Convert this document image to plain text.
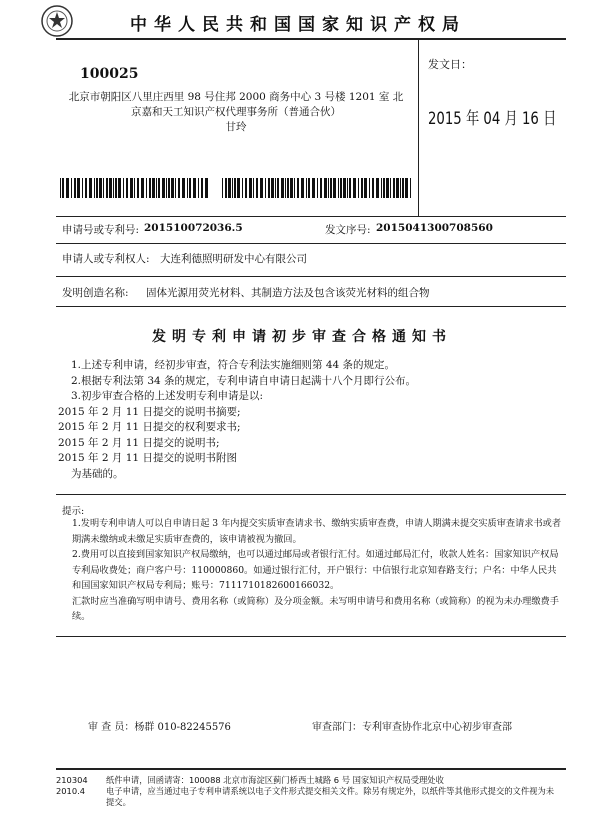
中华人民共和国国家知识产权局
100025
北京市朝阳区八里庄西里 98 号住邦 2000 商务中心 3 号楼 1201 室 北
京嘉和天工知识产权代理事务所（普通合伙）
甘玲
发文日：
2015 年 04 月 16 日
申请号或专利号: 201510072036.5	发文序号: 2015041300708560
申请人或专利权人: 大连利德照明研发中心有限公司
发明创造名称: 固体光源用荧光材料、其制造方法及包含该荧光材料的组合物
发明专利申请初步审查合格通知书
1.上述专利申请，经初步审查，符合专利法实施细则第 44 条的规定。
2.根据专利法第 34 条的规定，专利申请自申请日起满十八个月即行公布。
3.初步审查合格的上述发明专利申请是以:
2015 年 2 月 11 日提交的说明书摘要;
2015 年 2 月 11 日提交的权利要求书;
2015 年 2 月 11 日提交的说明书;
2015 年 2 月 11 日提交的说明书附图
为基础的。
提示:

1.发明专利申请人可以自申请日起 3 年内提交实质审查请求书、缴纳实质审查费，申请人期满未提交实质审查请求书或者期满未缴纳或未缴足实质审查费的，该申请被视为撤回。

2.费用可以直接到国家知识产权局缴纳，也可以通过邮局或者银行汇付。如通过邮局汇付，收款人姓名：国家知识产权局专利局收费处；商户客户号：110000860。如通过银行汇付，开户银行：中信银行北京知春路支行；户名：中华人民共和国国家知识产权局专利局；账号：7111710182600166032。

汇款时应当准确写明申请号、费用名称（或简称）及分项金额。未写明申请号和费用名称（或简称）的视为未办理缴费手续。

审 查 员：杨群 010-82245576	审查部门：专利审查协作北京中心初步审查部
210304 纸件申请，回函请寄：100088 北京市海淀区蓟门桥西土城路 6 号 国家知识产权局受理处收
2010.4	电子申请，应当通过电子专利申请系统以电子文件形式提交相关文件。除另有规定外，以纸件等其他形式提交的文件视为未提交。
